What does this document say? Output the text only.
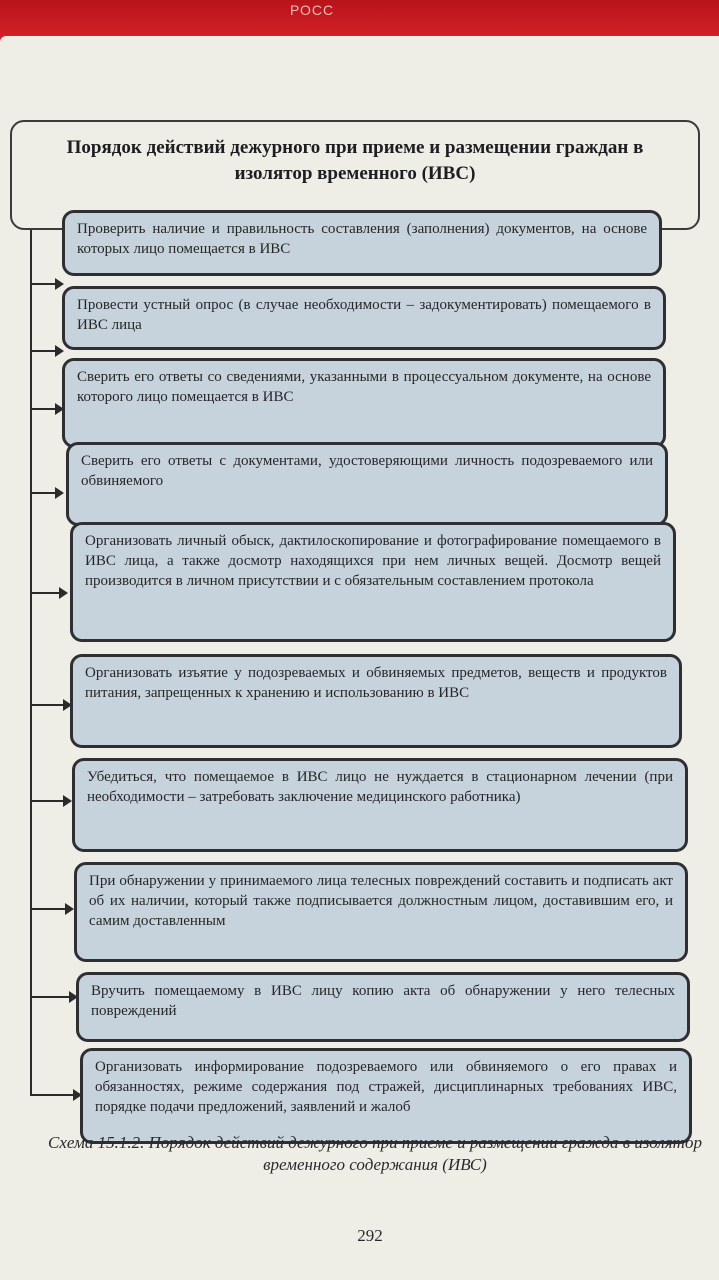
РОСС
Порядок действий дежурного при приеме и размещении граждан в изолятор временного (ИВС)
Проверить наличие и правильность составления (заполнения) документов, на основе которых лицо помещается в ИВС
Провести устный опрос (в случае необходимости – задокументировать) помещаемого в ИВС лица
Сверить его ответы со сведениями, указанными в процессуальном документе, на основе которого лицо помещается в ИВС
Сверить его ответы с документами, удостоверяющими личность подозреваемого или обвиняемого
Организовать личный обыск, дактилоскопирование и фотографирование помещаемого в ИВС лица, а также досмотр находящихся при нем личных вещей. Досмотр вещей производится в личном присутствии и с обязательным составлением протокола
Организовать изъятие у подозреваемых и обвиняемых предметов, веществ и продуктов питания, запрещенных к хранению и использованию в ИВС
Убедиться, что помещаемое в ИВС лицо не нуждается в стационарном лечении (при необходимости – затребовать заключение медицинского работника)
При обнаружении у принимаемого лица телесных повреждений составить и подписать акт об их наличии, который также подписывается должностным лицом, доставившим его, и самим доставленным
Вручить помещаемому в ИВС лицу копию акта об обнаружении у него телесных повреждений
Организовать информирование подозреваемого или обвиняемого о его правах и обязанностях, режиме содержания под стражей, дисциплинарных требованиях ИВС, порядке подачи предложений, заявлений и жалоб
Схема 15.1.2. Порядок действий дежурного при приеме и размещении гражда в изолятор временного содержания (ИВС)
292
